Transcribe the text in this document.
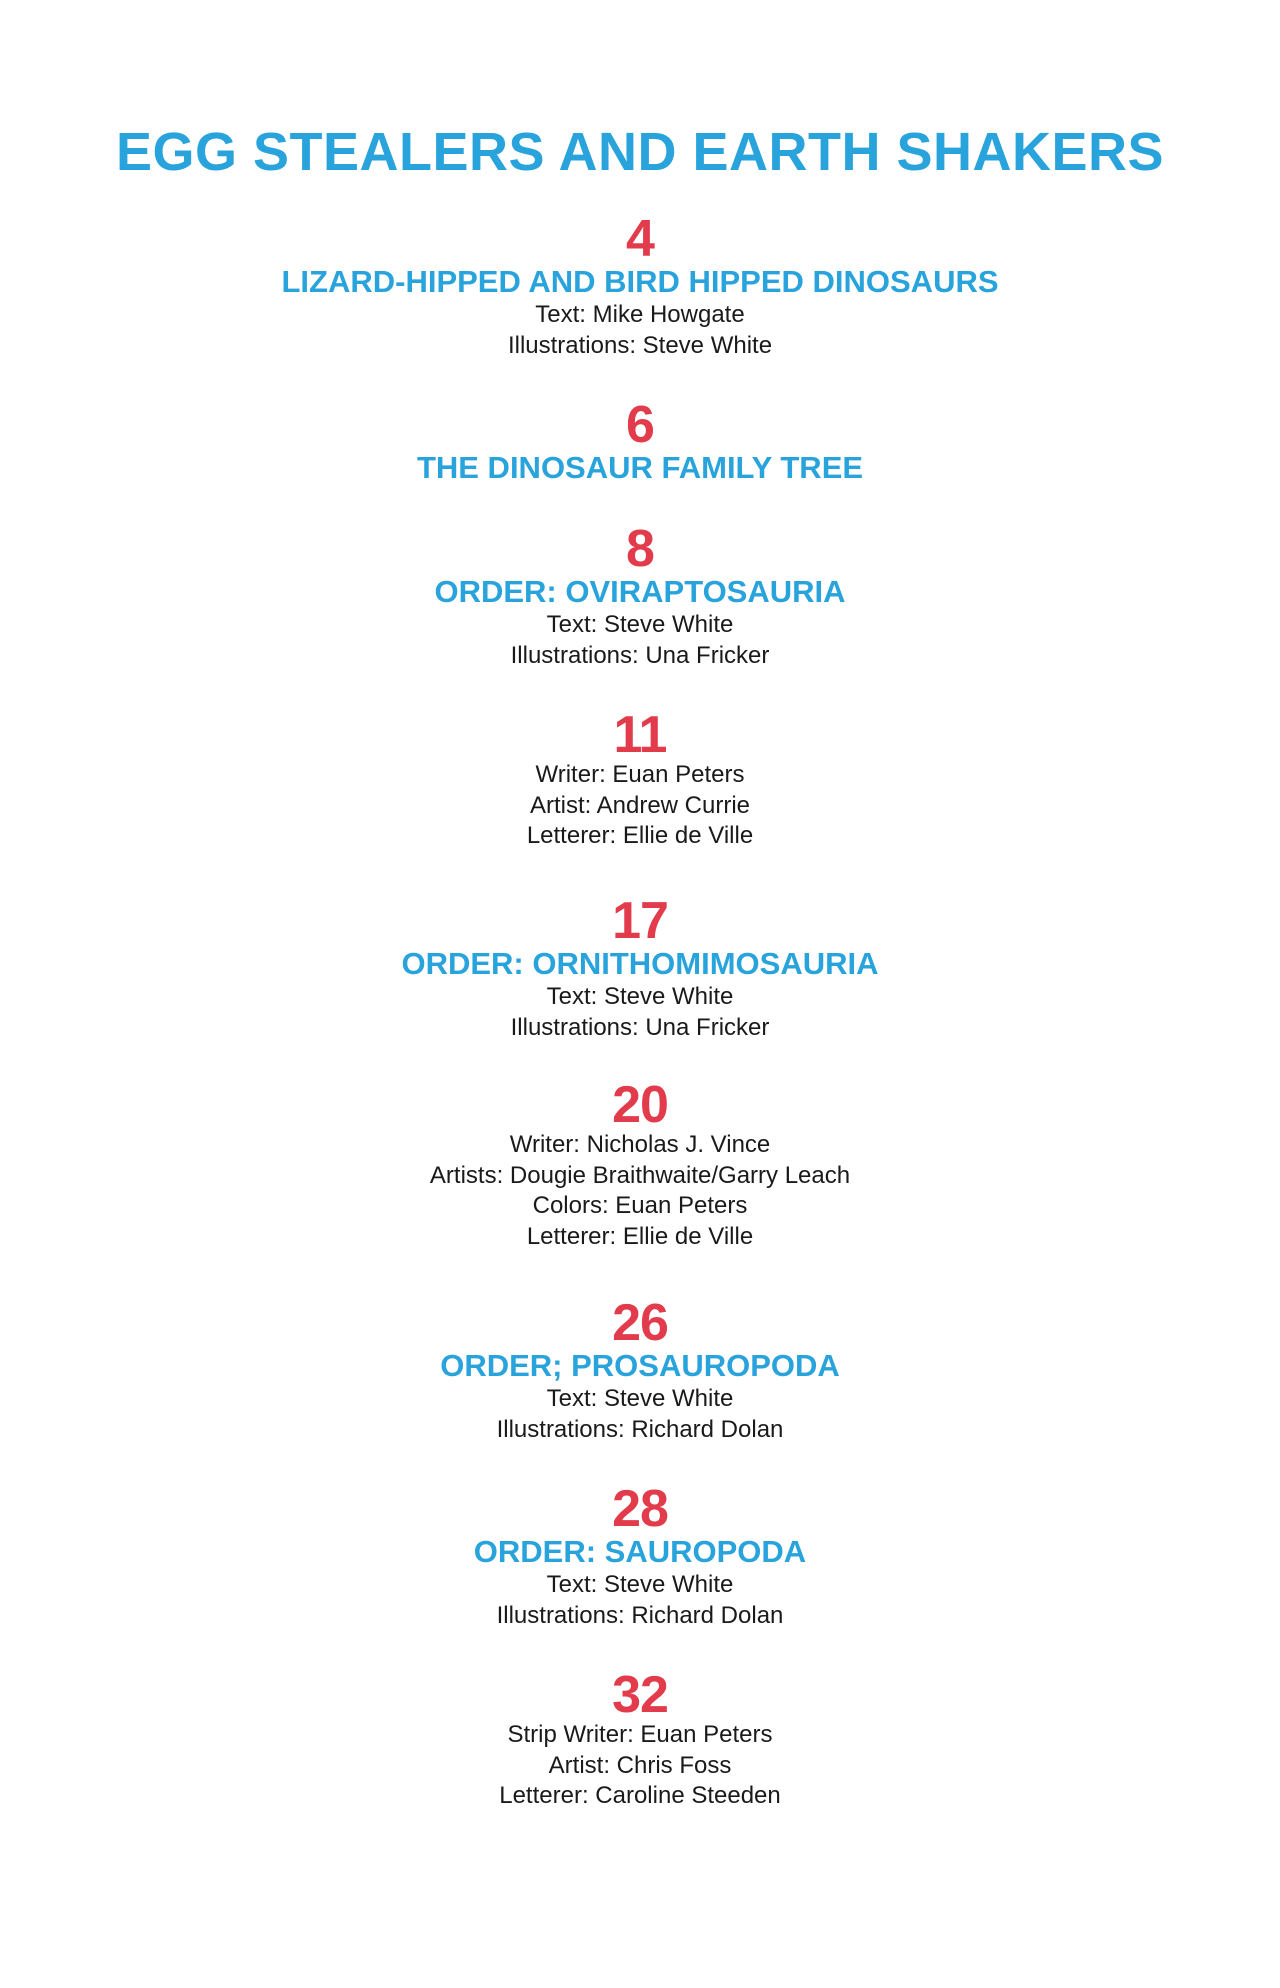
EGG STEALERS AND EARTH SHAKERS
4
LIZARD-HIPPED AND BIRD HIPPED DINOSAURS
Text: Mike Howgate
Illustrations: Steve White
6
THE DINOSAUR FAMILY TREE
8
ORDER: OVIRAPTOSAURIA
Text: Steve White
Illustrations: Una Fricker
11
Writer: Euan Peters
Artist: Andrew Currie
Letterer: Ellie de Ville
17
ORDER: ORNITHOMIMOSAURIA
Text: Steve White
Illustrations: Una Fricker
20
Writer: Nicholas J. Vince
Artists: Dougie Braithwaite/Garry Leach
Colors: Euan Peters
Letterer: Ellie de Ville
26
ORDER; PROSAUROPODA
Text: Steve White
Illustrations: Richard Dolan
28
ORDER: SAUROPODA
Text: Steve White
Illustrations: Richard Dolan
32
Strip Writer: Euan Peters
Artist: Chris Foss
Letterer: Caroline Steeden
